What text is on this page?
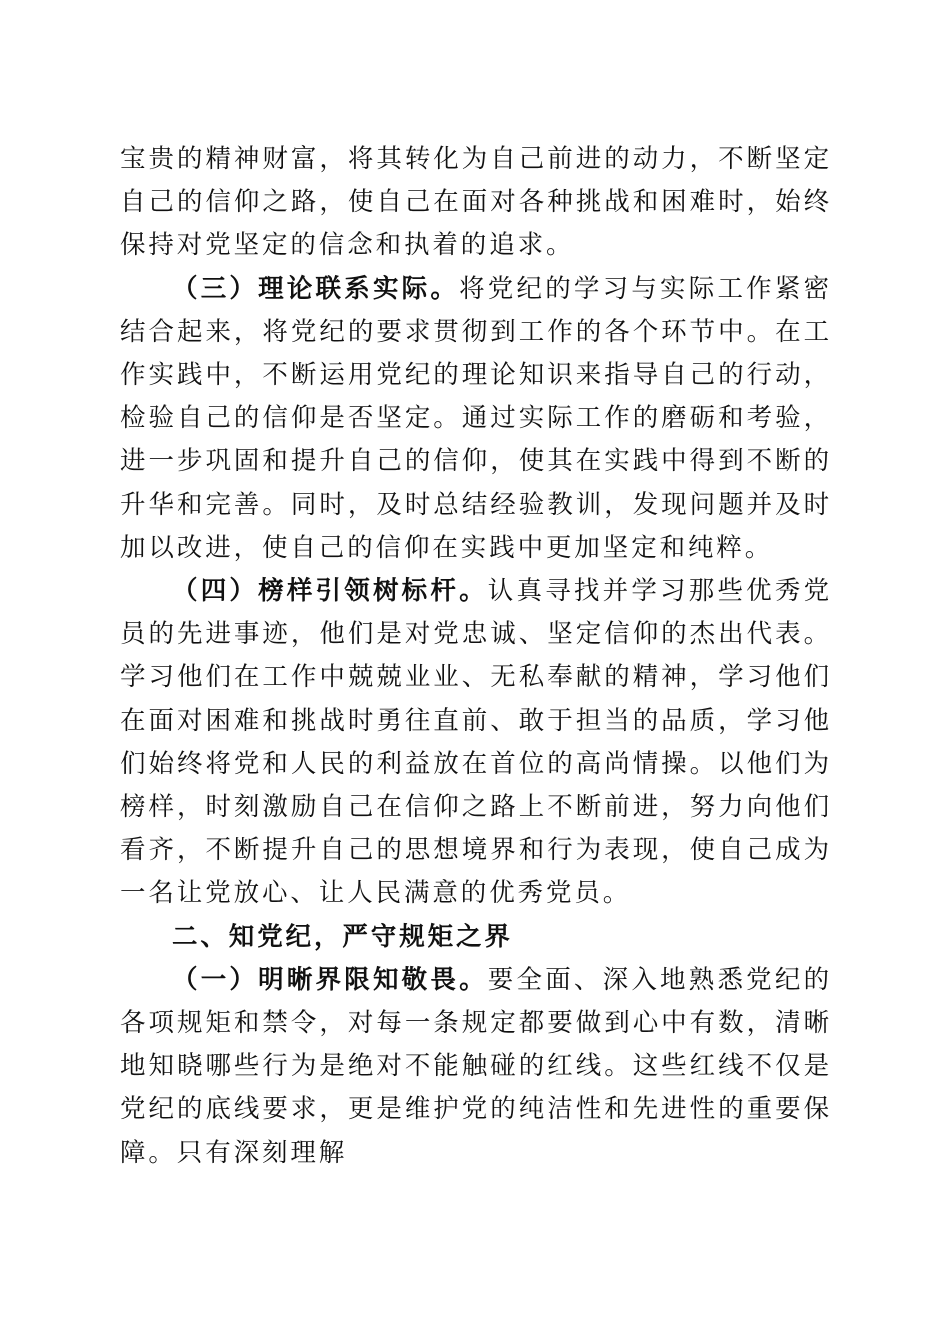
宝贵的精神财富，将其转化为自己前进的动力，不断坚定自己的信仰之路，使自己在面对各种挑战和困难时，始终保持对党坚定的信念和执着的追求。

（三）理论联系实际。将党纪的学习与实际工作紧密结合起来，将党纪的要求贯彻到工作的各个环节中。在工作实践中，不断运用党纪的理论知识来指导自己的行动，检验自己的信仰是否坚定。通过实际工作的磨砺和考验，进一步巩固和提升自己的信仰，使其在实践中得到不断的升华和完善。同时，及时总结经验教训，发现问题并及时加以改进，使自己的信仰在实践中更加坚定和纯粹。

（四）榜样引领树标杆。认真寻找并学习那些优秀党员的先进事迹，他们是对党忠诚、坚定信仰的杰出代表。学习他们在工作中兢兢业业、无私奉献的精神，学习他们在面对困难和挑战时勇往直前、敢于担当的品质，学习他们始终将党和人民的利益放在首位的高尚情操。以他们为榜样，时刻激励自己在信仰之路上不断前进，努力向他们看齐，不断提升自己的思想境界和行为表现，使自己成为一名让党放心、让人民满意的优秀党员。

二、知党纪，严守规矩之界

（一）明晰界限知敬畏。要全面、深入地熟悉党纪的各项规矩和禁令，对每一条规定都要做到心中有数，清晰地知晓哪些行为是绝对不能触碰的红线。这些红线不仅是党纪的底线要求，更是维护党的纯洁性和先进性的重要保障。只有深刻理解
